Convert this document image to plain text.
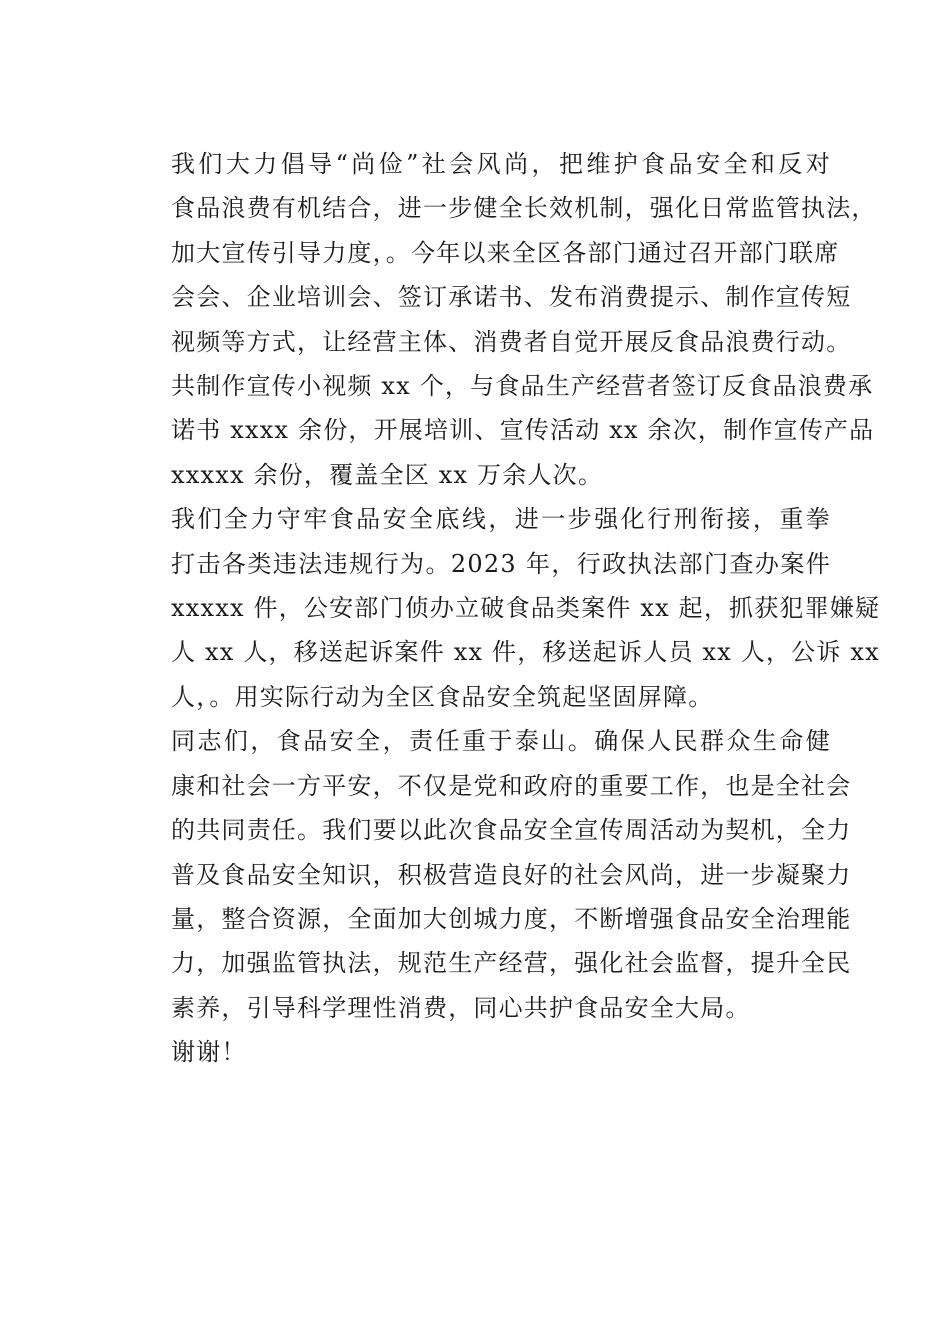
我们大力倡导“尚俭”社会风尚，把维护食品安全和反对
食品浪费有机结合，进一步健全长效机制，强化日常监管执法，
加大宣传引导力度，。今年以来全区各部门通过召开部门联席
会会、企业培训会、签订承诺书、发布消费提示、制作宣传短
视频等方式，让经营主体、消费者自觉开展反食品浪费行动。
共制作宣传小视频 xx 个，与食品生产经营者签订反食品浪费承
诺书 xxxx 余份，开展培训、宣传活动 xx 余次，制作宣传产品
xxxxx 余份，覆盖全区 xx 万余人次。

我们全力守牢食品安全底线，进一步强化行刑衔接，重拳
打击各类违法违规行为。2023 年，行政执法部门查办案件
xxxxx 件，公安部门侦办立破食品类案件 xx 起，抓获犯罪嫌疑
人 xx 人，移送起诉案件 xx 件，移送起诉人员 xx 人，公诉 xx
人，。用实际行动为全区食品安全筑起坚固屏障。

同志们，食品安全，责任重于泰山。确保人民群众生命健
康和社会一方平安，不仅是党和政府的重要工作，也是全社会
的共同责任。我们要以此次食品安全宣传周活动为契机，全力
普及食品安全知识，积极营造良好的社会风尚，进一步凝聚力
量，整合资源，全面加大创城力度，不断增强食品安全治理能
力，加强监管执法，规范生产经营，强化社会监督，提升全民
素养，引导科学理性消费，同心共护食品安全大局。

谢谢！
